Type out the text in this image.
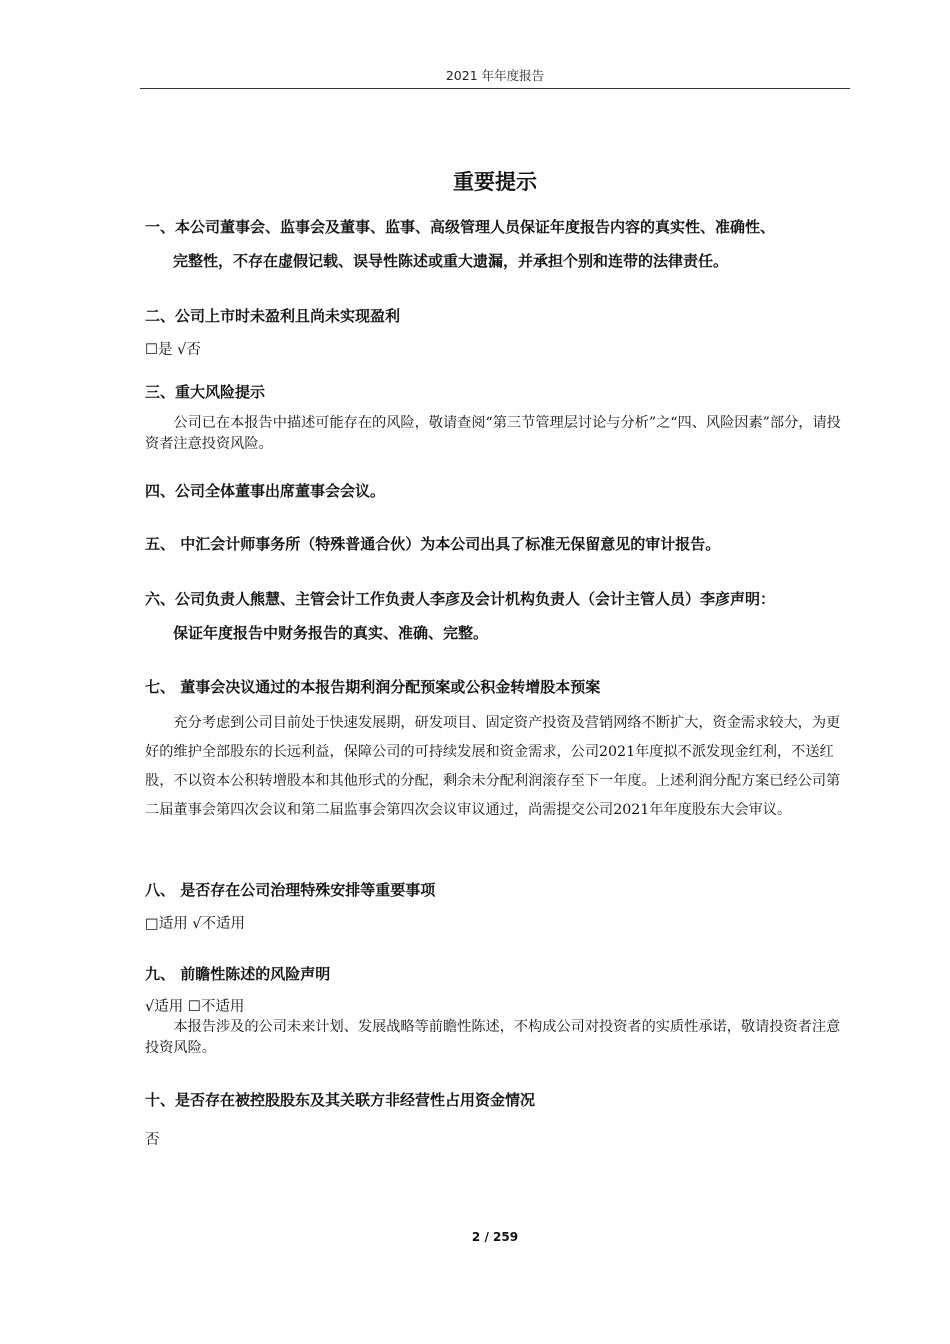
2021 年年度报告
重要提示
一、本公司董事会、监事会及董事、监事、高级管理人员保证年度报告内容的真实性、准确性、
完整性，不存在虚假记载、误导性陈述或重大遗漏，并承担个别和连带的法律责任。
二、公司上市时未盈利且尚未实现盈利
☐是 √否
三、重大风险提示
公司已在本报告中描述可能存在的风险，敬请查阅“第三节管理层讨论与分析”之“四、风险因素”部分，请投资者注意投资风险。
四、公司全体董事出席董事会会议。
五、 中汇会计师事务所（特殊普通合伙）为本公司出具了标准无保留意见的审计报告。
六、公司负责人熊慧、主管会计工作负责人李彦及会计机构负责人（会计主管人员）李彦声明：
保证年度报告中财务报告的真实、准确、完整。
七、 董事会决议通过的本报告期利润分配预案或公积金转增股本预案
充分考虑到公司目前处于快速发展期，研发项目、固定资产投资及营销网络不断扩大，资金需求较大，为更好的维护全部股东的长远利益，保障公司的可持续发展和资金需求，公司2021年度拟不派发现金红利，不送红股，不以资本公积转增股本和其他形式的分配，剩余未分配利润滚存至下一年度。上述利润分配方案已经公司第二届董事会第四次会议和第二届监事会第四次会议审议通过，尚需提交公司2021年年度股东大会审议。
八、 是否存在公司治理特殊安排等重要事项
□适用 √不适用
九、 前瞻性陈述的风险声明
√适用 ☐不适用
本报告涉及的公司未来计划、发展战略等前瞻性陈述，不构成公司对投资者的实质性承诺，敬请投资者注意投资风险。
十、是否存在被控股股东及其关联方非经营性占用资金情况
否
2 / 259
